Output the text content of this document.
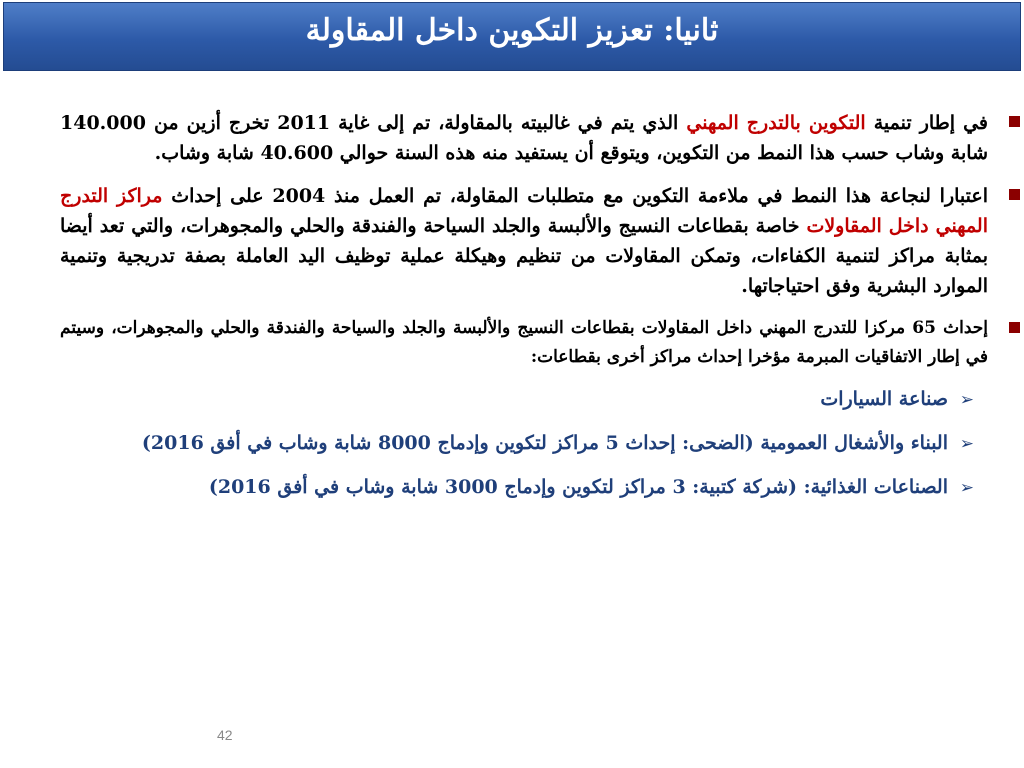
ثانيا: تعزيز التكوين داخل المقاولة

في إطار تنمية التكوين بالتدرج المهني الذي يتم في غالبيته بالمقاولة، تم إلى غاية 2011 تخرج أزين من 140.000 شابة وشاب حسب هذا النمط من التكوين، ويتوقع أن يستفيد منه هذه السنة حوالي 40.600 شابة وشاب.

اعتبارا لنجاعة هذا النمط في ملاءمة التكوين مع متطلبات المقاولة، تم العمل منذ 2004 على إحداث مراكز التدرج المهني داخل المقاولات خاصة بقطاعات النسيج والألبسة والجلد السياحة والفندقة والحلي والمجوهرات، والتي تعد أيضا بمثابة مراكز لتنمية الكفاءات، وتمكن المقاولات من تنظيم وهيكلة عملية توظيف اليد العاملة بصفة تدريجية وتنمية الموارد البشرية وفق احتياجاتها.

إحداث 65 مركزا للتدرج المهني داخل المقاولات بقطاعات النسيج والألبسة والجلد والسياحة والفندقة والحلي والمجوهرات، وسيتم في إطار الاتفاقيات المبرمة مؤخرا إحداث مراكز أخرى بقطاعات:

➢
صناعة السيارات

➢
البناء والأشغال العمومية (الضحى: إحداث 5 مراكز لتكوين وإدماج 8000 شابة وشاب في أفق 2016)

➢
الصناعات الغذائية: (شركة كتبية: 3 مراكز لتكوين وإدماج 3000 شابة وشاب في أفق 2016)

42
